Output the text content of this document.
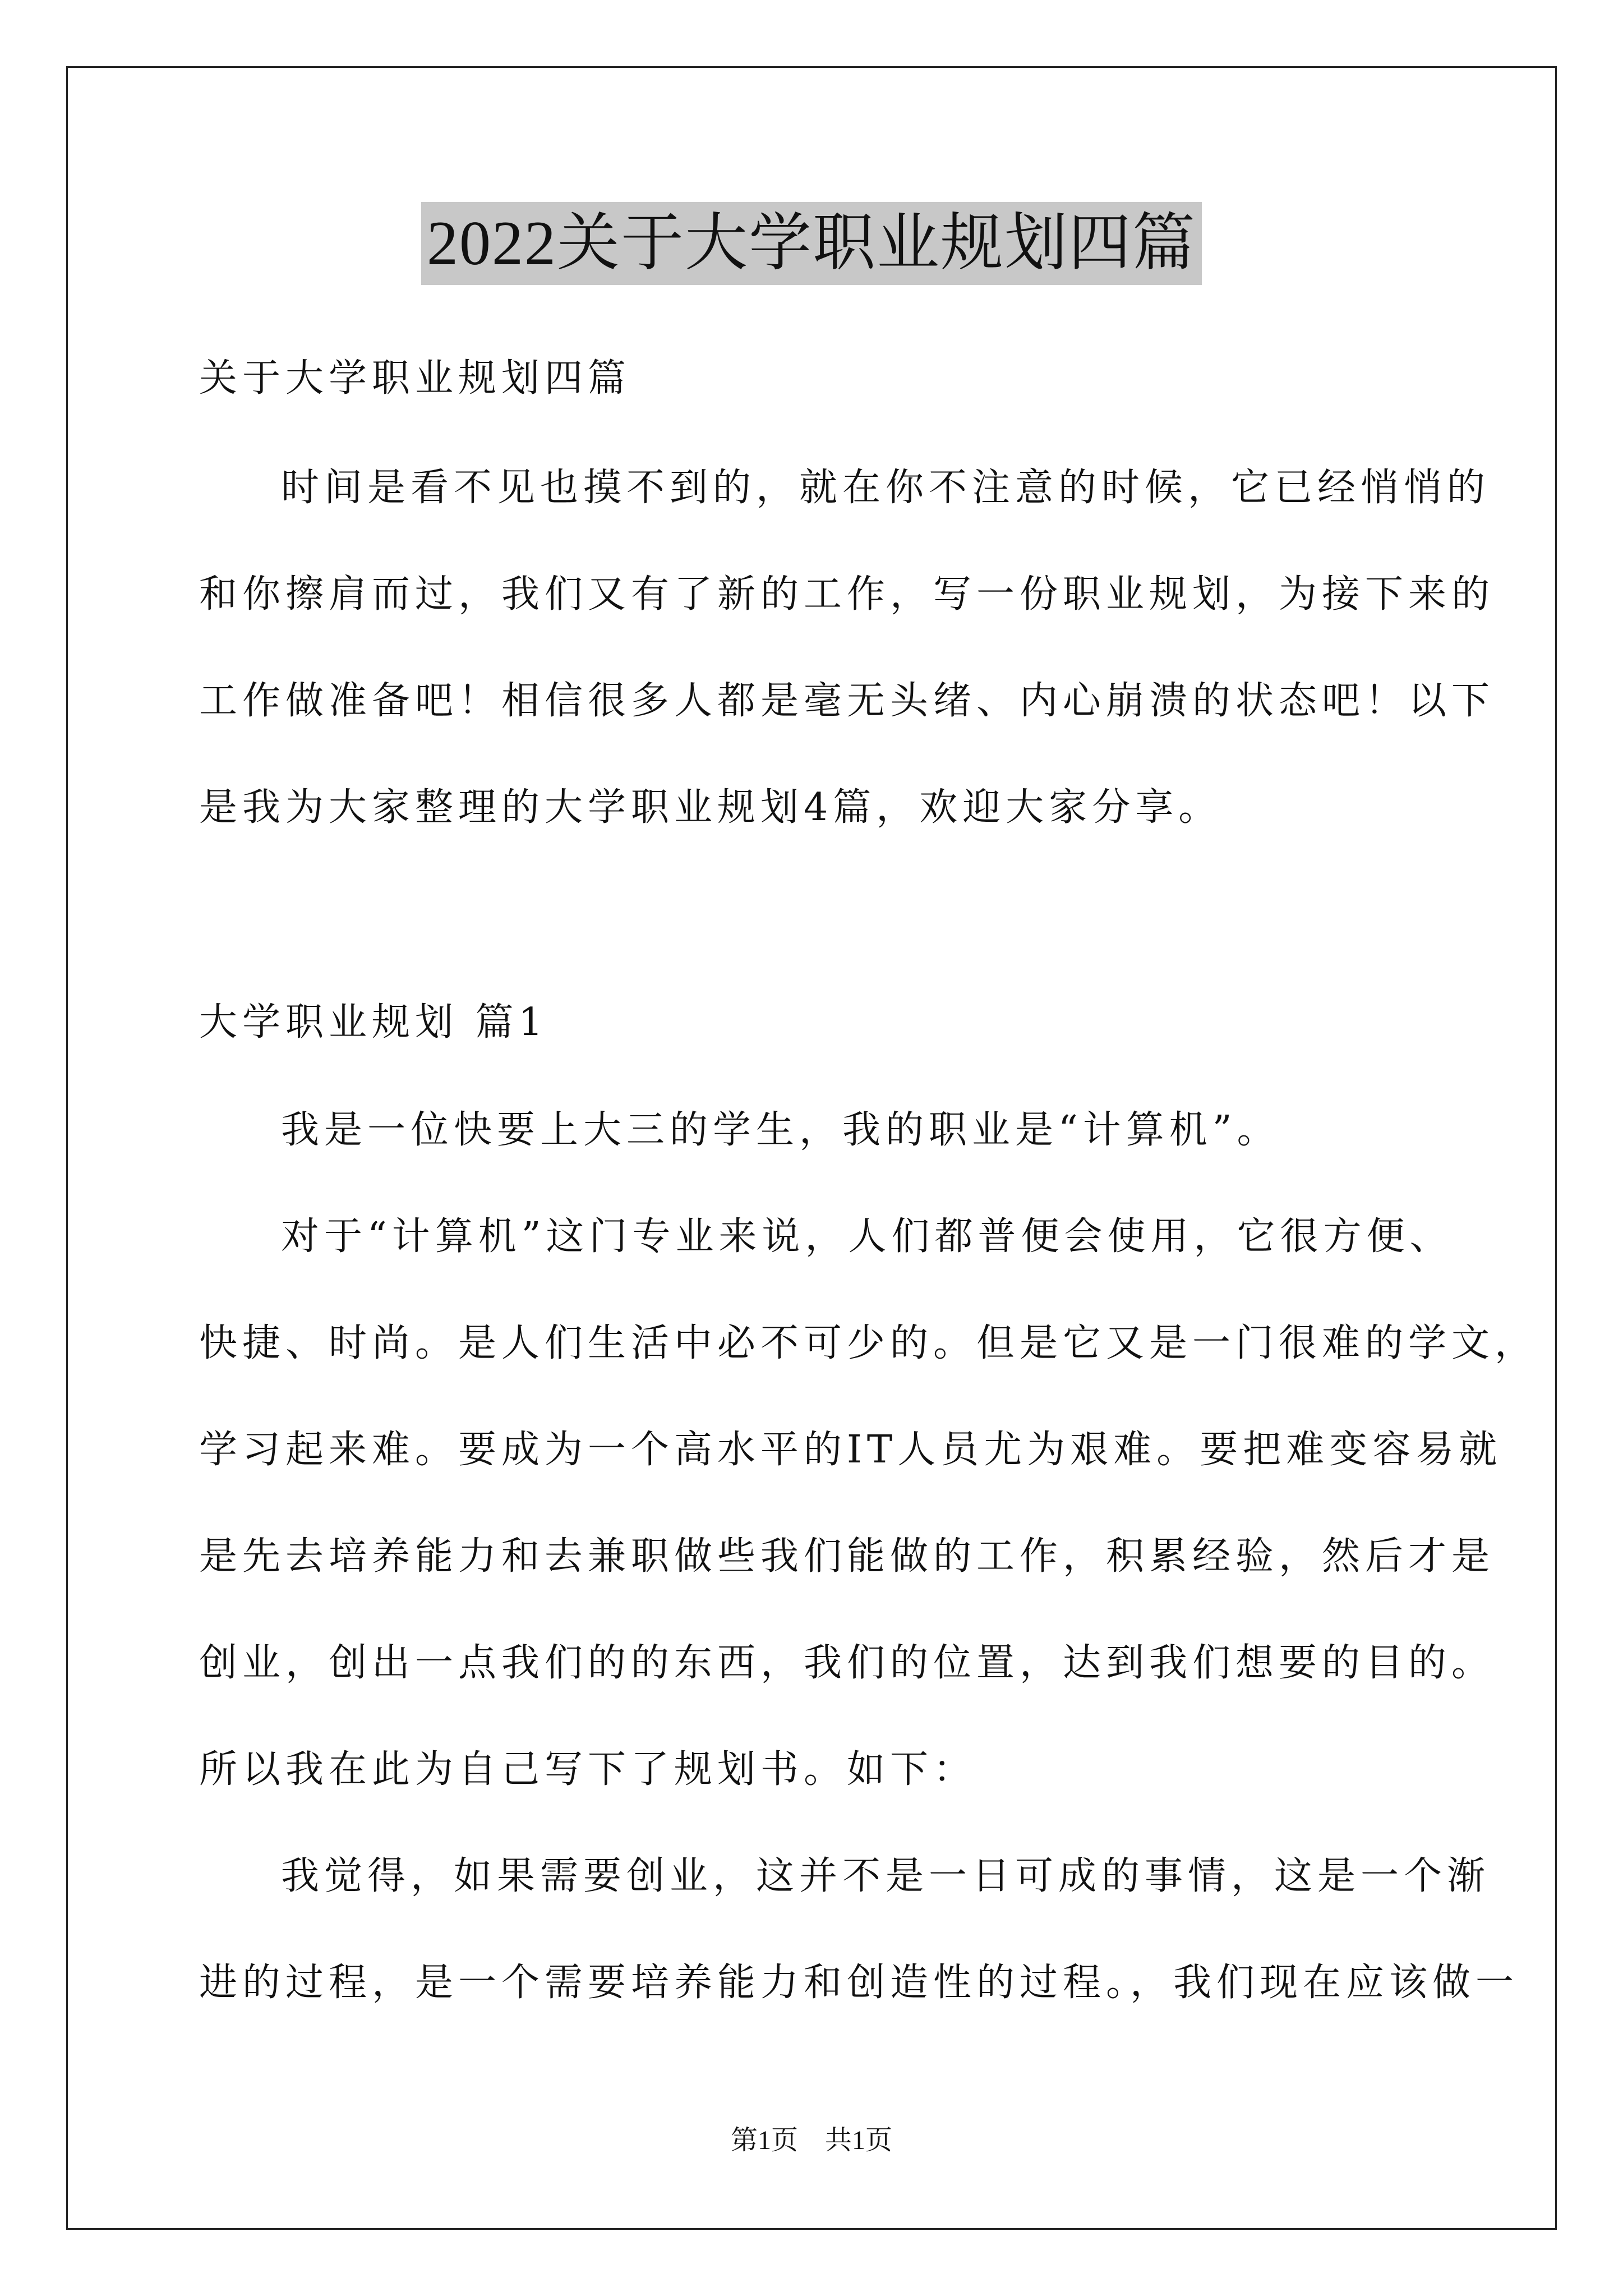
2022关于大学职业规划四篇
关于大学职业规划四篇
时间是看不见也摸不到的，就在你不注意的时候，它已经悄悄的
和你擦肩而过，我们又有了新的工作，写一份职业规划，为接下来的
工作做准备吧！相信很多人都是毫无头绪、内心崩溃的状态吧！以下
是我为大家整理的大学职业规划4篇，欢迎大家分享。
大学职业规划 篇1
我是一位快要上大三的学生，我的职业是“计算机”。
对于“计算机”这门专业来说，人们都普便会使用，它很方便、
快捷、时尚。是人们生活中必不可少的。但是它又是一门很难的学文，
学习起来难。要成为一个高水平的IT人员尤为艰难。要把难变容易就
是先去培养能力和去兼职做些我们能做的工作，积累经验，然后才是
创业，创出一点我们的的东西，我们的位置，达到我们想要的目的。
所以我在此为自己写下了规划书。如下：
我觉得，如果需要创业，这并不是一日可成的事情，这是一个渐
进的过程，是一个需要培养能力和创造性的过程。，我们现在应该做一
第1页 共1页
